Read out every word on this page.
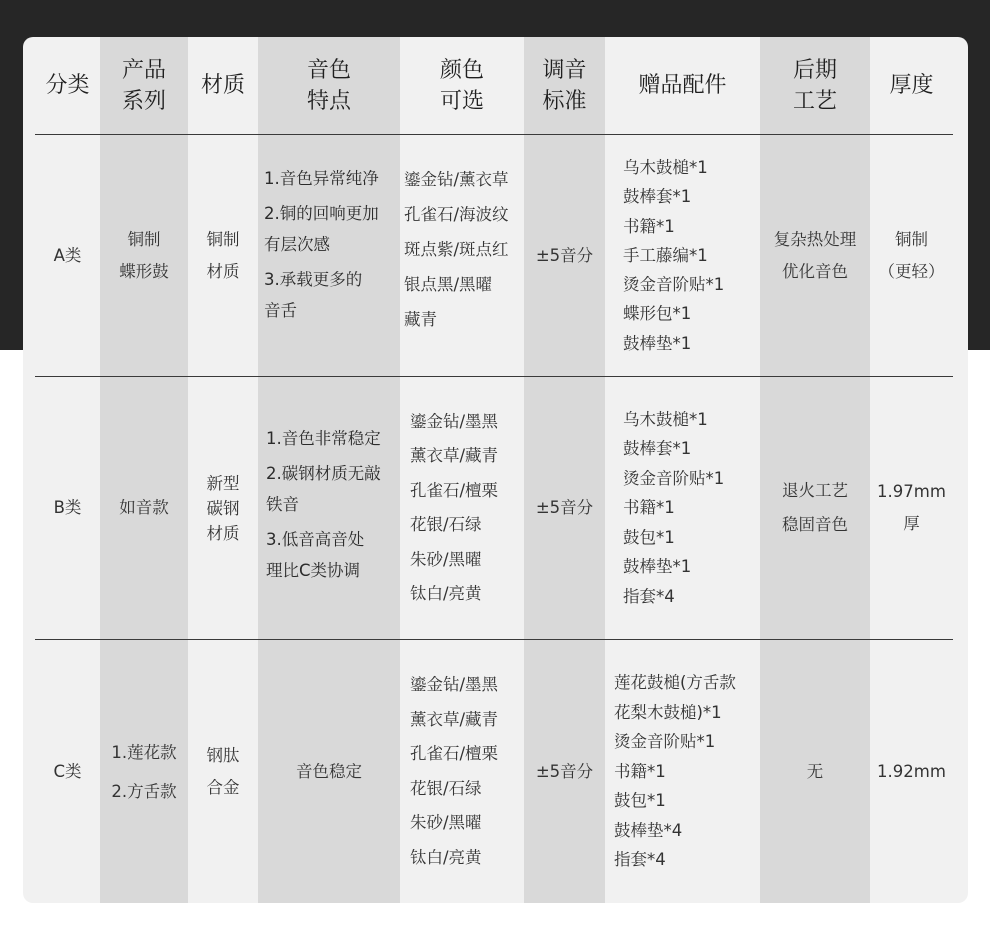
分类
产品
系列
材质
音色
特点
颜色
可选
调音
标准
赠品配件
后期
工艺
厚度
A类
铜制
蝶形鼓
铜制
材质
1.音色异常纯净
2.铜的回响更加
有层次感
3.承载更多的
音舌
鎏金钻/薰衣草
孔雀石/海波纹
斑点紫/斑点红
银点黑/黑曜
藏青
±5音分
乌木鼓槌*1
鼓棒套*1
书籍*1
手工藤编*1
烫金音阶贴*1
蝶形包*1
鼓棒垫*1
复杂热处理
优化音色
铜制
（更轻）
B类	如音款
新型
碳钢
材质
1.音色非常稳定
2.碳钢材质无敲
铁音
3.低音高音处
理比C类协调
鎏金钻/墨黑
薰衣草/藏青
孔雀石/檀栗
花银/石绿
朱砂/黑曜
钛白/亮黄
±5音分
乌木鼓槌*1
鼓棒套*1
烫金音阶贴*1
书籍*1
鼓包*1
鼓棒垫*1
指套*4
退火工艺
稳固音色
1.97mm
厚
C类
1.莲花款
2.方舌款
钢肽
合金
音色稳定
鎏金钻/墨黑
薰衣草/藏青
孔雀石/檀栗
花银/石绿
朱砂/黑曜
钛白/亮黄
±5音分
莲花鼓槌(方舌款
花梨木鼓槌)*1
烫金音阶贴*1
书籍*1
鼓包*1
鼓棒垫*4
指套*4
无	1.92mm
